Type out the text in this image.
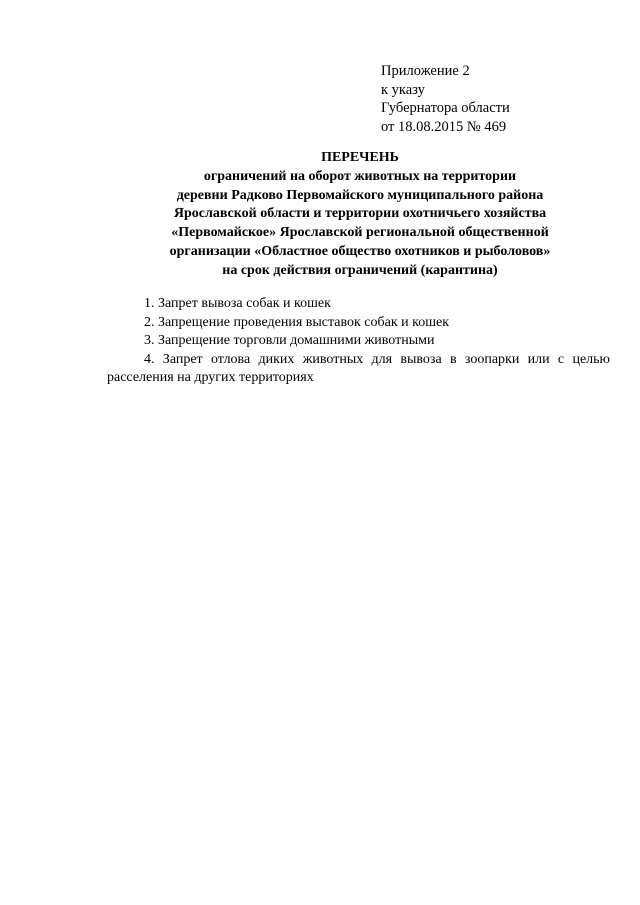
Приложение 2
к указу
Губернатора области
от 18.08.2015 № 469
ПЕРЕЧЕНЬ
ограничений на оборот животных на территории
деревни Радково Первомайского муниципального района
Ярославской области и территории охотничьего хозяйства
«Первомайское» Ярославской региональной общественной
организации «Областное общество охотников и рыболовов»
на срок действия ограничений (карантина)
1. Запрет вывоза собак и кошек
2. Запрещение проведения выставок собак и кошек
3. Запрещение торговли домашними животными
4. Запрет отлова диких животных для вывоза в зоопарки или с целью расселения на других территориях
